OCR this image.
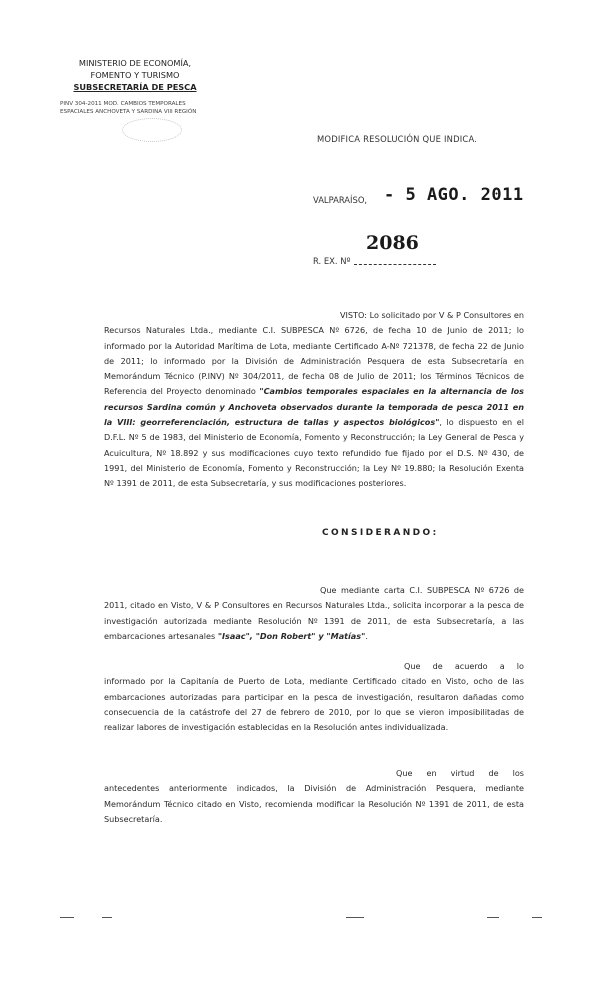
MINISTERIO DE ECONOMÍA,
FOMENTO Y TURISMO
SUBSECRETARÍA DE PESCA
PINV 304-2011 MOD. CAMBIOS TEMPORALES
ESPACIALES ANCHOVETA Y SARDINA VIII REGIÓN
MODIFICA RESOLUCIÓN QUE INDICA.
VALPARAÍSO, - 5 AGO. 2011
2086
R. EX. Nº
VISTO: Lo solicitado por V & P Consultores en Recursos Naturales Ltda., mediante C.I. SUBPESCA Nº 6726, de fecha 10 de Junio de 2011; lo informado por la Autoridad Marítima de Lota, mediante Certificado A-Nº 721378, de fecha 22 de Junio de 2011; lo informado por la División de Administración Pesquera de esta Subsecretaría en Memorándum Técnico (P.INV) Nº 304/2011, de fecha 08 de Julio de 2011; los Términos Técnicos de Referencia del Proyecto denominado "Cambios temporales espaciales en la alternancia de los recursos Sardina común y Anchoveta observados durante la temporada de pesca 2011 en la VIII: georreferenciación, estructura de tallas y aspectos biológicos", lo dispuesto en el D.F.L. Nº 5 de 1983, del Ministerio de Economía, Fomento y Reconstrucción; la Ley General de Pesca y Acuicultura, Nº 18.892 y sus modificaciones cuyo texto refundido fue fijado por el D.S. Nº 430, de 1991, del Ministerio de Economía, Fomento y Reconstrucción; la Ley Nº 19.880; la Resolución Exenta Nº 1391 de 2011, de esta Subsecretaría, y sus modificaciones posteriores.
CONSIDERANDO:
Que mediante carta C.I. SUBPESCA Nº 6726 de 2011, citado en Visto, V & P Consultores en Recursos Naturales Ltda., solicita incorporar a la pesca de investigación autorizada mediante Resolución Nº 1391 de 2011, de esta Subsecretaría, a las embarcaciones artesanales "Isaac", "Don Robert" y "Matías".
Que de acuerdo a lo informado por la Capitanía de Puerto de Lota, mediante Certificado citado en Visto, ocho de las embarcaciones autorizadas para participar en la pesca de investigación, resultaron dañadas como consecuencia de la catástrofe del 27 de febrero de 2010, por lo que se vieron imposibilitadas de realizar labores de investigación establecidas en la Resolución antes individualizada.
Que en virtud de los antecedentes anteriormente indicados, la División de Administración Pesquera, mediante Memorándum Técnico citado en Visto, recomienda modificar la Resolución Nº 1391 de 2011, de esta Subsecretaría.
